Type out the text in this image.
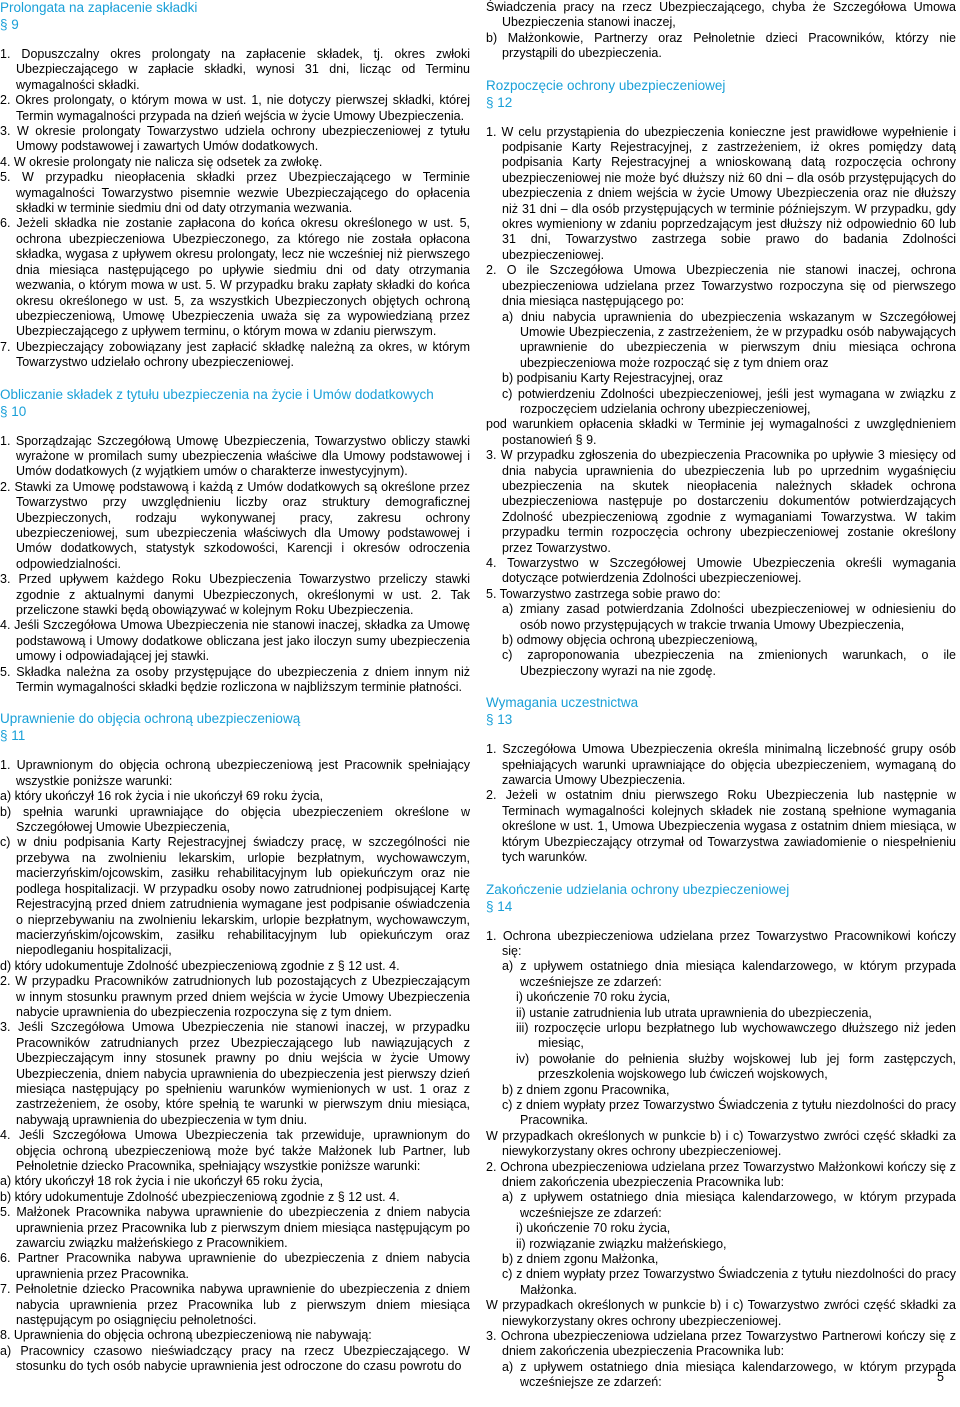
Prolongata na zapłacenie składki
§ 9

1. Dopuszczalny okres prolongaty na zapłacenie składek, tj. okres zwłoki Ubezpieczającego w zapłacie składki, wynosi 31 dni, licząc od Terminu wymagalności składki.

2. Okres prolongaty, o którym mowa w ust. 1, nie dotyczy pierwszej składki, której Termin wymagalności przypada na dzień wejścia w życie Umowy Ubezpieczenia.

3. W okresie prolongaty Towarzystwo udziela ochrony ubezpieczeniowej z tytułu Umowy podstawowej i zawartych Umów dodatkowych.

4. W okresie prolongaty nie nalicza się odsetek za zwłokę.

5. W przypadku nieopłacenia składki przez Ubezpieczającego w Terminie wymagalności Towarzystwo pisemnie wezwie Ubezpieczającego do opłacenia składki w terminie siedmiu dni od daty otrzymania wezwania.

6. Jeżeli składka nie zostanie zapłacona do końca okresu określonego w ust. 5, ochrona ubezpieczeniowa Ubezpieczonego, za którego nie została opłacona składka, wygasa z upływem okresu prolongaty, lecz nie wcześniej niż pierwszego dnia miesiąca następującego po upływie siedmiu dni od daty otrzymania wezwania, o którym mowa w ust. 5. W przypadku braku zapłaty składki do końca okresu określonego w ust. 5, za wszystkich Ubezpieczonych objętych ochroną ubezpieczeniową, Umowę Ubezpieczenia uważa się za wypowiedzianą przez Ubezpieczającego z upływem terminu, o którym mowa w zdaniu pierwszym.

7. Ubezpieczający zobowiązany jest zapłacić składkę należną za okres, w którym Towarzystwo udzielało ochrony ubezpieczeniowej.

Obliczanie składek z tytułu ubezpieczenia na życie i Umów dodatkowych
§ 10

1. Sporządzając Szczegółową Umowę Ubezpieczenia, Towarzystwo obliczy stawki wyrażone w promilach sumy ubezpieczenia właściwe dla Umowy podstawowej i Umów dodatkowych (z wyjątkiem umów o charakterze inwestycyjnym).

2. Stawki za Umowę podstawową i każdą z Umów dodatkowych są określone przez Towarzystwo przy uwzględnieniu liczby oraz struktury demograficznej Ubezpieczonych, rodzaju wykonywanej pracy, zakresu ochrony ubezpieczeniowej, sum ubezpieczenia właściwych dla Umowy podstawowej i Umów dodatkowych, statystyk szkodowości, Karencji i okresów odroczenia odpowiedzialności.

3. Przed upływem każdego Roku Ubezpieczenia Towarzystwo przeliczy stawki zgodnie z aktualnymi danymi Ubezpieczonych, określonymi w ust. 2. Tak przeliczone stawki będą obowiązywać w kolejnym Roku Ubezpieczenia.

4. Jeśli Szczegółowa Umowa Ubezpieczenia nie stanowi inaczej, składka za Umowę podstawową i Umowy dodatkowe obliczana jest jako iloczyn sumy ubezpieczenia umowy i odpowiadającej jej stawki.

5. Składka należna za osoby przystępujące do ubezpieczenia z dniem innym niż Termin wymagalności składki będzie rozliczona w najbliższym terminie płatności.

Uprawnienie do objęcia ochroną ubezpieczeniową
§ 11

1. Uprawnionym do objęcia ochroną ubezpieczeniową jest Pracownik spełniający wszystkie poniższe warunki:

a) który ukończył 16 rok życia i nie ukończył 69 roku życia,

b) spełnia warunki uprawniające do objęcia ubezpieczeniem określone w Szczegółowej Umowie Ubezpieczenia,

c) w dniu podpisania Karty Rejestracyjnej świadczy pracę, w szczególności nie przebywa na zwolnieniu lekarskim, urlopie bezpłatnym, wychowawczym, macierzyńskim/ojcowskim, zasiłku rehabilitacyjnym lub opiekuńczym oraz nie podlega hospitalizacji. W przypadku osoby nowo zatrudnionej podpisującej Kartę Rejestracyjną przed dniem zatrudnienia wymagane jest podpisanie oświadczenia o nieprzebywaniu na zwolnieniu lekarskim, urlopie bezpłatnym, wychowawczym, macierzyńskim/ojcowskim, zasiłku rehabilitacyjnym lub opiekuńczym oraz niepodleganiu hospitalizacji,

d) który udokumentuje Zdolność ubezpieczeniową zgodnie z § 12 ust. 4.

2. W przypadku Pracowników zatrudnionych lub pozostających z Ubezpieczającym w innym stosunku prawnym przed dniem wejścia w życie Umowy Ubezpieczenia nabycie uprawnienia do ubezpieczenia rozpoczyna się z tym dniem.

3. Jeśli Szczegółowa Umowa Ubezpieczenia nie stanowi inaczej, w przypadku Pracowników zatrudnianych przez Ubezpieczającego lub nawiązujących z Ubezpieczającym inny stosunek prawny po dniu wejścia w życie Umowy Ubezpieczenia, dniem nabycia uprawnienia do ubezpieczenia jest pierwszy dzień miesiąca następujący po spełnieniu warunków wymienionych w ust. 1 oraz z zastrzeżeniem, że osoby, które spełnią te warunki w pierwszym dniu miesiąca, nabywają uprawnienia do ubezpieczenia w tym dniu.

4. Jeśli Szczegółowa Umowa Ubezpieczenia tak przewiduje, uprawnionym do objęcia ochroną ubezpieczeniową może być także Małżonek lub Partner, lub Pełnoletnie dziecko Pracownika, spełniający wszystkie poniższe warunki:

a) który ukończył 18 rok życia i nie ukończył 65 roku życia,

b) który udokumentuje Zdolność ubezpieczeniową zgodnie z § 12 ust. 4.

5. Małżonek Pracownika nabywa uprawnienie do ubezpieczenia z dniem nabycia uprawnienia przez Pracownika lub z pierwszym dniem miesiąca następującym po zawarciu związku małżeńskiego z Pracownikiem.

6. Partner Pracownika nabywa uprawnienie do ubezpieczenia z dniem nabycia uprawnienia przez Pracownika.

7. Pełnoletnie dziecko Pracownika nabywa uprawnienie do ubezpieczenia z dniem nabycia uprawnienia przez Pracownika lub z pierwszym dniem miesiąca następującym po osiągnięciu pełnoletności.

8. Uprawnienia do objęcia ochroną ubezpieczeniową nie nabywają:

a) Pracownicy czasowo nieświadczący pracy na rzecz Ubezpieczającego. W stosunku do tych osób nabycie uprawnienia jest odroczone do czasu powrotu do

Świadczenia pracy na rzecz Ubezpieczającego, chyba że Szczegółowa Umowa Ubezpieczenia stanowi inaczej,

b) Małżonkowie, Partnerzy oraz Pełnoletnie dzieci Pracowników, którzy nie przystąpili do ubezpieczenia.

Rozpoczęcie ochrony ubezpieczeniowej
§ 12

1. W celu przystąpienia do ubezpieczenia konieczne jest prawidłowe wypełnienie i podpisanie Karty Rejestracyjnej, z zastrzeżeniem, iż okres pomiędzy datą podpisania Karty Rejestracyjnej a wnioskowaną datą rozpoczęcia ochrony ubezpieczeniowej nie może być dłuższy niż 60 dni – dla osób przystępujących do ubezpieczenia z dniem wejścia w życie Umowy Ubezpieczenia oraz nie dłuższy niż 31 dni – dla osób przystępujących w terminie późniejszym. W przypadku, gdy okres wymieniony w zdaniu poprzedzającym jest dłuższy niż odpowiednio 60 lub 31 dni, Towarzystwo zastrzega sobie prawo do badania Zdolności ubezpieczeniowej.

2. O ile Szczegółowa Umowa Ubezpieczenia nie stanowi inaczej, ochrona ubezpieczeniowa udzielana przez Towarzystwo rozpoczyna się od pierwszego dnia miesiąca następującego po:

a) dniu nabycia uprawnienia do ubezpieczenia wskazanym w Szczegółowej Umowie Ubezpieczenia, z zastrzeżeniem, że w przypadku osób nabywających uprawnienie do ubezpieczenia w pierwszym dniu miesiąca ochrona ubezpieczeniowa może rozpocząć się z tym dniem oraz

b) podpisaniu Karty Rejestracyjnej, oraz

c) potwierdzeniu Zdolności ubezpieczeniowej, jeśli jest wymagana w związku z rozpoczęciem udzielania ochrony ubezpieczeniowej,

pod warunkiem opłacenia składki w Terminie jej wymagalności z uwzględnieniem postanowień § 9.

3. W przypadku zgłoszenia do ubezpieczenia Pracownika po upływie 3 miesięcy od dnia nabycia uprawnienia do ubezpieczenia lub po uprzednim wygaśnięciu ubezpieczenia na skutek nieopłacenia należnych składek ochrona ubezpieczeniowa następuje po dostarczeniu dokumentów potwierdzających Zdolność ubezpieczeniową zgodnie z wymaganiami Towarzystwa. W takim przypadku termin rozpoczęcia ochrony ubezpieczeniowej zostanie określony przez Towarzystwo.

4. Towarzystwo w Szczegółowej Umowie Ubezpieczenia określi wymagania dotyczące potwierdzenia Zdolności ubezpieczeniowej.

5. Towarzystwo zastrzega sobie prawo do:

a) zmiany zasad potwierdzania Zdolności ubezpieczeniowej w odniesieniu do osób nowo przystępujących w trakcie trwania Umowy Ubezpieczenia,

b) odmowy objęcia ochroną ubezpieczeniową,

c) zaproponowania ubezpieczenia na zmienionych warunkach, o ile Ubezpieczony wyrazi na nie zgodę.

Wymagania uczestnictwa
§ 13

1. Szczegółowa Umowa Ubezpieczenia określa minimalną liczebność grupy osób spełniających warunki uprawniające do objęcia ubezpieczeniem, wymaganą do zawarcia Umowy Ubezpieczenia.

2. Jeżeli w ostatnim dniu pierwszego Roku Ubezpieczenia lub następnie w Terminach wymagalności kolejnych składek nie zostaną spełnione wymagania określone w ust. 1, Umowa Ubezpieczenia wygasa z ostatnim dniem miesiąca, w którym Ubezpieczający otrzymał od Towarzystwa zawiadomienie o niespełnieniu tych warunków.

Zakończenie udzielania ochrony ubezpieczeniowej
§ 14

1. Ochrona ubezpieczeniowa udzielana przez Towarzystwo Pracownikowi kończy się:

a) z upływem ostatniego dnia miesiąca kalendarzowego, w którym przypada wcześniejsze ze zdarzeń:

i) ukończenie 70 roku życia,

ii) ustanie zatrudnienia lub utrata uprawnienia do ubezpieczenia,

iii) rozpoczęcie urlopu bezpłatnego lub wychowawczego dłuższego niż jeden miesiąc,

iv) powołanie do pełnienia służby wojskowej lub jej form zastępczych, przeszkolenia wojskowego lub ćwiczeń wojskowych,

b) z dniem zgonu Pracownika,

c) z dniem wypłaty przez Towarzystwo Świadczenia z tytułu niezdolności do pracy Pracownika.

W przypadkach określonych w punkcie b) i c) Towarzystwo zwróci część składki za niewykorzystany okres ochrony ubezpieczeniowej.

2. Ochrona ubezpieczeniowa udzielana przez Towarzystwo Małżonkowi kończy się z dniem zakończenia ubezpieczenia Pracownika lub:

a) z upływem ostatniego dnia miesiąca kalendarzowego, w którym przypada wcześniejsze ze zdarzeń:

i) ukończenie 70 roku życia,

ii) rozwiązanie związku małżeńskiego,

b) z dniem zgonu Małżonka,

c) z dniem wypłaty przez Towarzystwo Świadczenia z tytułu niezdolności do pracy Małżonka.

W przypadkach określonych w punkcie b) i c) Towarzystwo zwróci część składki za niewykorzystany okres ochrony ubezpieczeniowej.

3. Ochrona ubezpieczeniowa udzielana przez Towarzystwo Partnerowi kończy się z dniem zakończenia ubezpieczenia Pracownika lub:

a) z upływem ostatniego dnia miesiąca kalendarzowego, w którym przypada wcześniejsze ze zdarzeń:	5
